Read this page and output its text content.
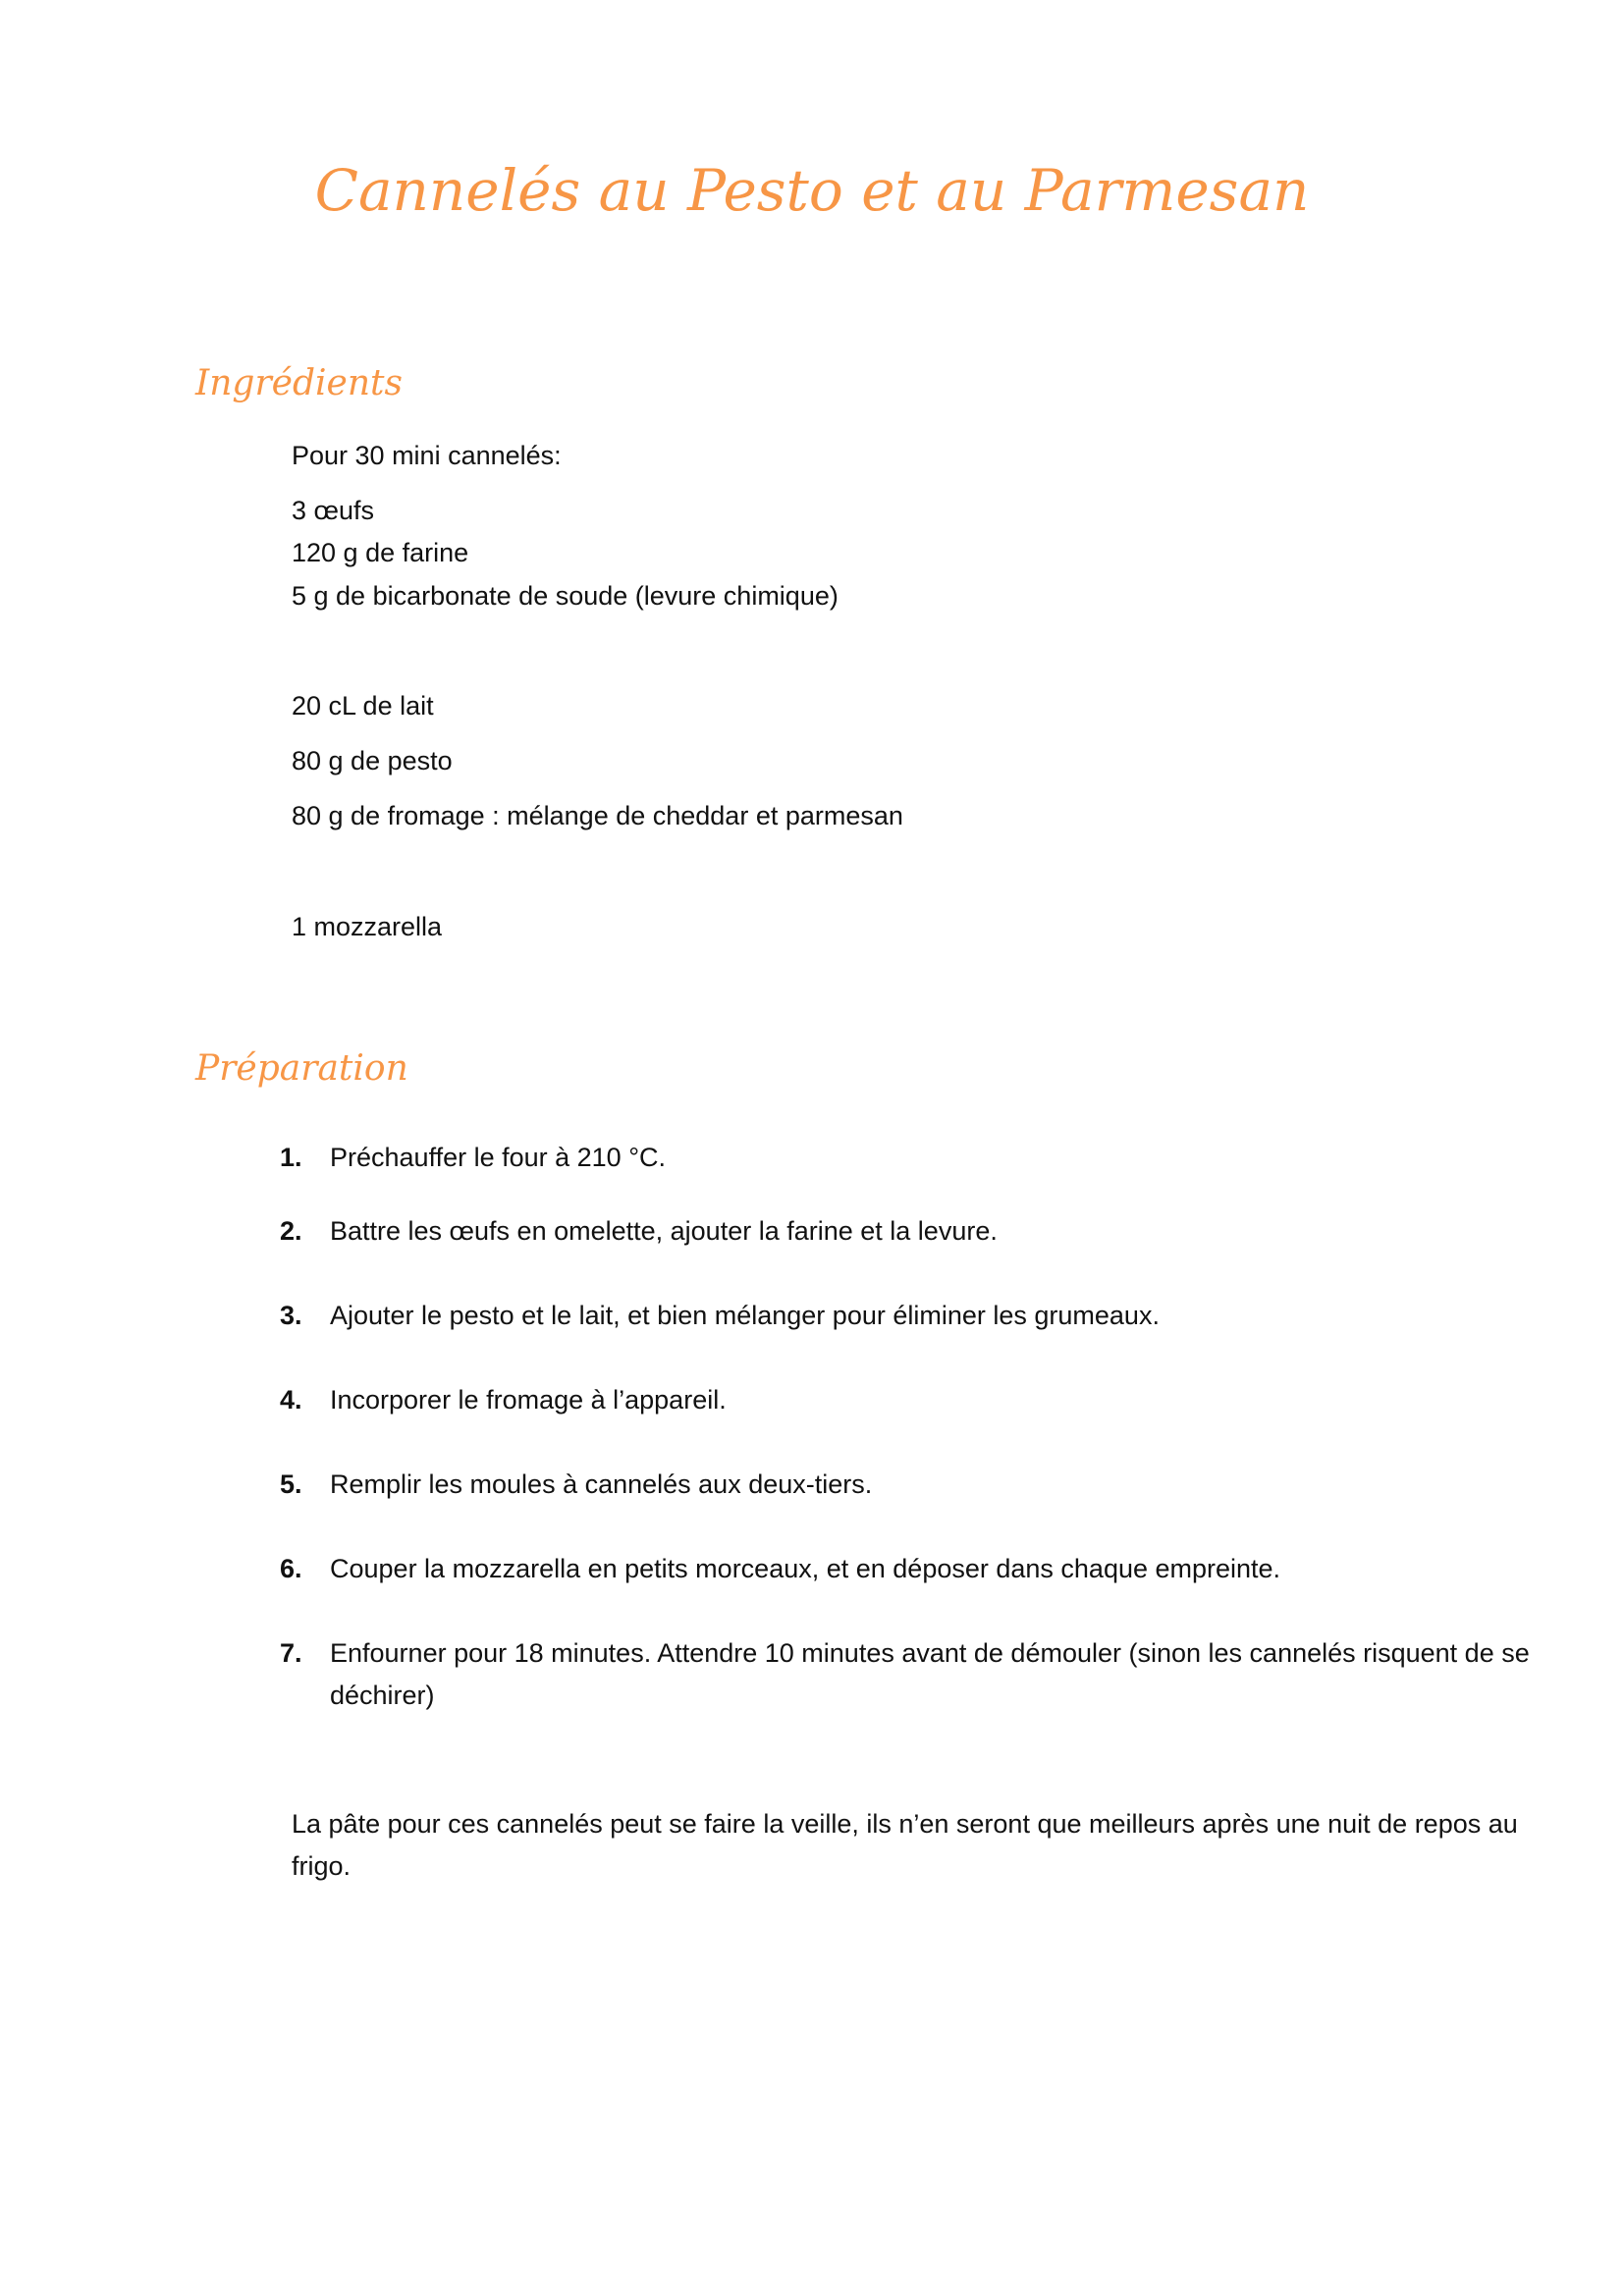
Cannelés au Pesto et au Parmesan
Ingrédients

Pour 30 mini cannelés:

3 œufs

120 g de farine

5 g de bicarbonate de soude (levure chimique)

20 cL de lait

80 g de pesto

80 g de fromage : mélange de cheddar et parmesan

1 mozzarella

Préparation
1. Préchauffer le four à 210 °C.
2. Battre les œufs en omelette, ajouter la farine et la levure.
3. Ajouter le pesto et le lait, et bien mélanger pour éliminer les grumeaux.
4. Incorporer le fromage à l’appareil.
5. Remplir les moules à cannelés aux deux-tiers.
6. Couper la mozzarella en petits morceaux, et en déposer dans chaque empreinte.
7. Enfourner pour 18 minutes. Attendre 10 minutes avant de démouler (sinon les cannelés risquent de se déchirer)

La pâte pour ces cannelés peut se faire la veille, ils n’en seront que meilleurs après une nuit de repos au frigo.
